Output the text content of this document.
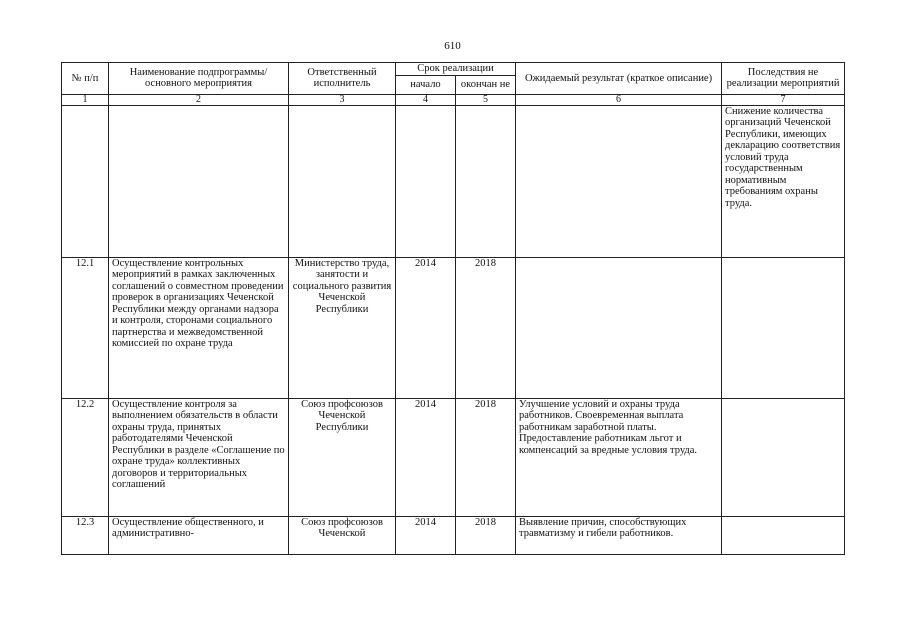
610
№ п/п	Наименование подпрограммы/ основного мероприятия	Ответственный исполнитель	Срок реализации		Ожидаемый результат (краткое описание)	Последствия не реализации мероприятий
			начало	окончан не		
1	2	3	4	5	6	7
						Снижение количества организаций Чеченской Республики, имеющих декларацию соответствия условий труда государственным нормативным требованиям охраны труда.
12.1	Осуществление контрольных мероприятий в рамках заключенных соглашений о совместном проведении проверок в организациях Чеченской Республики между органами надзора и контроля, сторонами социального партнерства и межведомственной комиссией по охране труда	Министерство труда, занятости и социального развития Чеченской Республики	2014	2018		
12.2	Осуществление контроля за выполнением обязательств в области охраны труда, принятых работодателями Чеченской Республики в разделе «Соглашение по охране труда» коллективных договоров и территориальных соглашений	Союз профсоюзов Чеченской Республики	2014	2018	Улучшение условий и охраны труда работников. Своевременная выплата работникам заработной платы. Предоставление работникам льгот и компенсаций за вредные условия труда.	
12.3	Осуществление общественного, и административно-	Союз профсоюзов Чеченской	2014	2018	Выявление причин, способствующих травматизму и гибели работников.	
